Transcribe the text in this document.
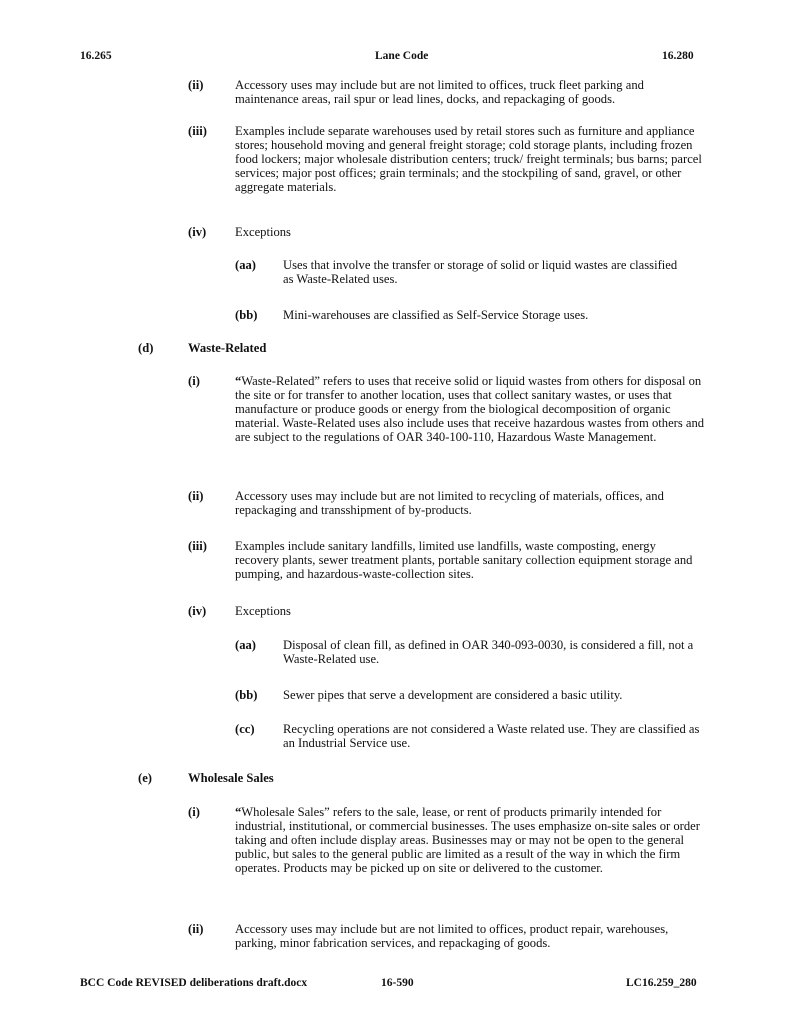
16.265	Lane Code	16.280
(ii)	Accessory uses may include but are not limited to offices, truck fleet parking and maintenance areas, rail spur or lead lines, docks, and repackaging of goods.
(iii) Examples include separate warehouses used by retail stores such as furniture and appliance stores; household moving and general freight storage; cold storage plants, including frozen food lockers; major wholesale distribution centers; truck/ freight terminals; bus barns; parcel services; major post offices; grain terminals; and the stockpiling of sand, gravel, or other aggregate materials.
(iv) Exceptions
(aa) Uses that involve the transfer or storage of solid or liquid wastes are classified as Waste-Related uses.
(bb) Mini-warehouses are classified as Self-Service Storage uses.
(d)	Waste-Related
(i)	“Waste-Related” refers to uses that receive solid or liquid wastes from others for disposal on the site or for transfer to another location, uses that collect sanitary wastes, or uses that manufacture or produce goods or energy from the biological decomposition of organic material. Waste-Related uses also include uses that receive hazardous wastes from others and are subject to the regulations of OAR 340-100-110, Hazardous Waste Management.
(ii)	Accessory uses may include but are not limited to recycling of materials, offices, and repackaging and transshipment of by-products.
(iii) Examples include sanitary landfills, limited use landfills, waste composting, energy recovery plants, sewer treatment plants, portable sanitary collection equipment storage and pumping, and hazardous-waste-collection sites.
(iv) Exceptions
(aa) Disposal of clean fill, as defined in OAR 340-093-0030, is considered a fill, not a Waste-Related use.
(bb) Sewer pipes that serve a development are considered a basic utility.
(cc) Recycling operations are not considered a Waste related use. They are classified as an Industrial Service use.
(e)	Wholesale Sales
(i)	“Wholesale Sales” refers to the sale, lease, or rent of products primarily intended for industrial, institutional, or commercial businesses. The uses emphasize on-site sales or order taking and often include display areas. Businesses may or may not be open to the general public, but sales to the general public are limited as a result of the way in which the firm operates. Products may be picked up on site or delivered to the customer.
(ii)	Accessory uses may include but are not limited to offices, product repair, warehouses, parking, minor fabrication services, and repackaging of goods.
BCC Code REVISED deliberations draft.docx	16-590	LC16.259_280
